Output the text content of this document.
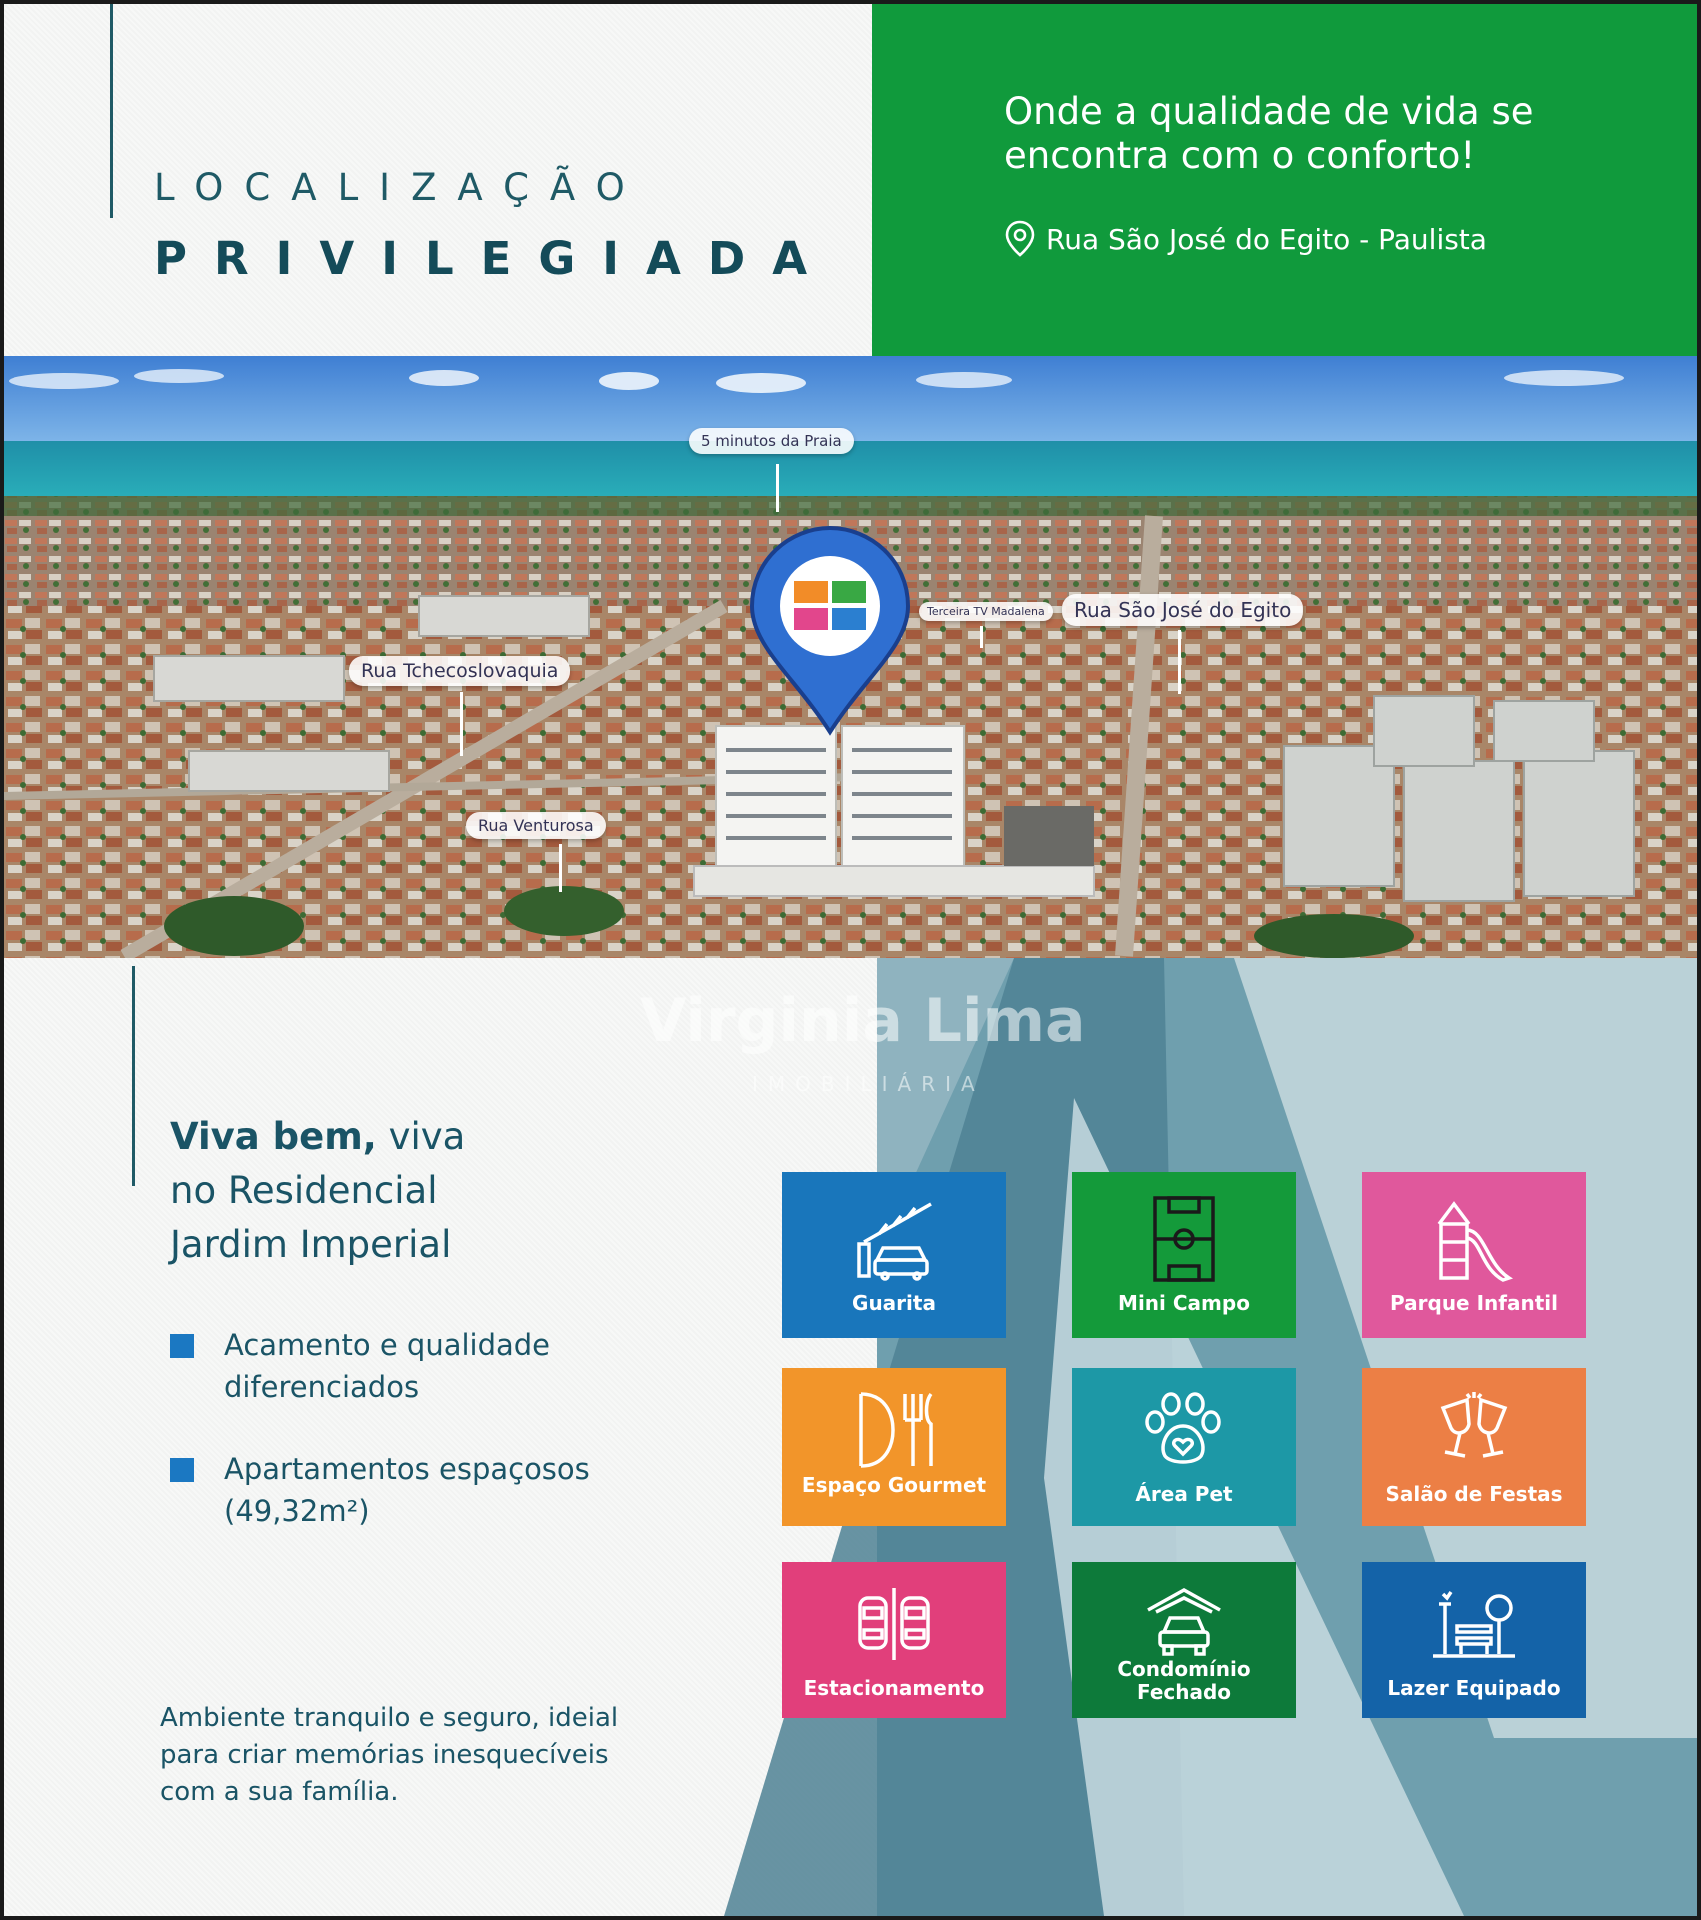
LOCALIZAÇÃO
PRIVILEGIADA
Onde a qualidade de vida se encontra com o conforto!
Rua São José do Egito - Paulista
5 minutos da Praia
Terceira TV Madalena	Rua São José do Egito
Rua Tchecoslovaquia
Rua Venturosa
Viva bem, viva
no Residencial
Jardim Imperial
Acamento e qualidade diferenciados
Apartamentos espaçosos (49,32m²)
Ambiente tranquilo e seguro, ideial para criar memórias inesquecíveis com a sua família.
Guarita	Mini Campo	Parque Infantil
Espaço Gourmet	Área Pet	Salão de Festas
Estacionamento
Condomínio Fechado	Lazer Equipado
Virginia Lima
IMOBILIÁRIA
